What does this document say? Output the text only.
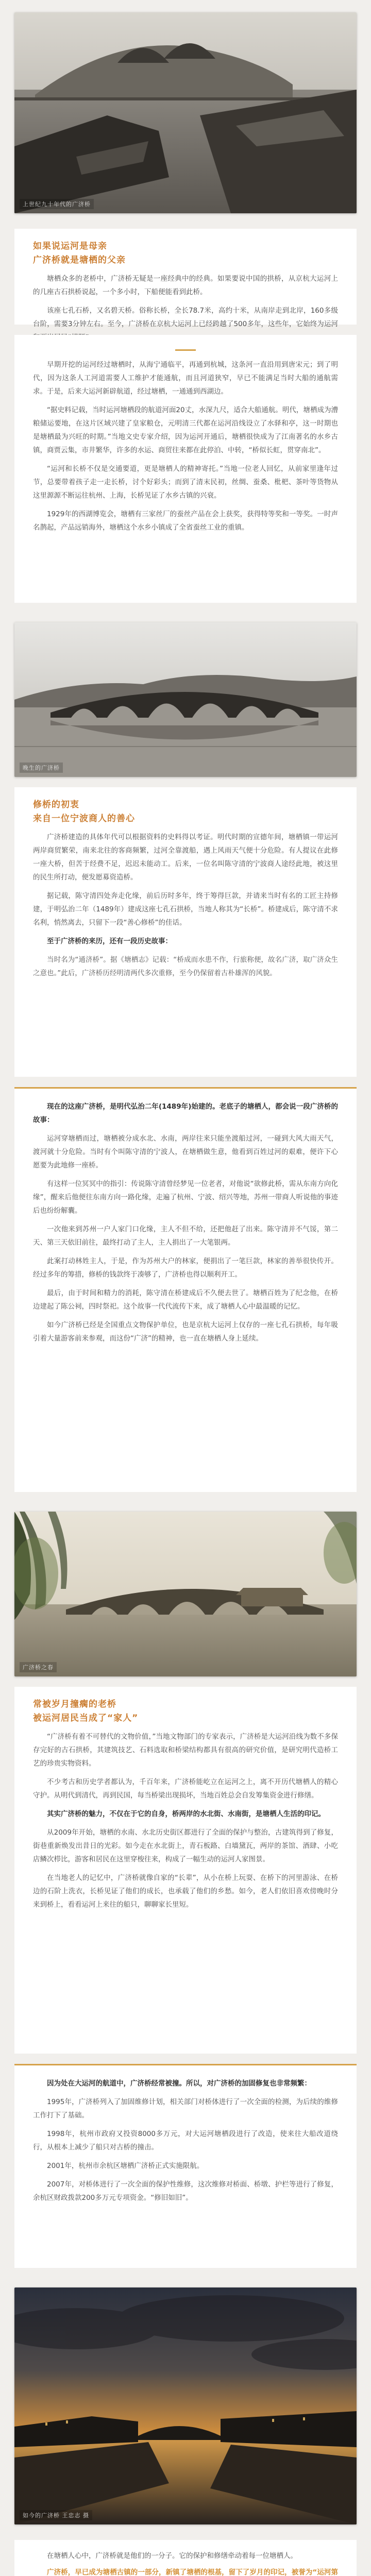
上世纪九十年代的广济桥
如果说运河是母亲
广济桥就是塘栖的父亲

塘栖众多的老桥中，广济桥无疑是一座经典中的经典。如果要说中国的拱桥，从京杭大运河上的几座古石拱桥说起，一个多小时，下船便能看到此桥。

该座七孔石桥，又名碧天桥。俗称长桥，全长78.7米，高约十米，从南岸走到北岸，160多级台阶，需要3分钟左右。至今，广济桥在京杭大运河上已经跨越了500多年，这些年，它始终为运河

早期开挖的运河经过塘栖时，从海宁通临平，再通到杭城，这条河一直沿用到唐宋元；到了明代，因为这条人工河道需要人工维护才能通航，而且河道狭窄，早已不能满足当时大船的通航需求。于是，后来大运河新辟航道，经过塘栖，一通通到西湖边。

“据史料记载，当时运河塘栖段的航道河面20丈，水深九尺，适合大船通航。明代，塘栖成为漕粮储运要地，在这片区域兴建了皇家粮仓，元明清三代都在运河沿线设立了水驿和亭，这一时期也是塘栖最为兴旺的时期。”当地文史专家介绍，因为运河开通后，塘栖很快成为了江南著名的水乡古镇，商贾云集，市井繁华，许多的水运、商贸往来都在此停泊、中转，“桥似长虹，贯穿南北”。

“运河和长桥不仅是交通要道，更是塘栖人的精神寄托。”当地一位老人回忆，从前家里逢年过节，总要带着孩子走一走长桥，讨个好彩头；而到了清末民初，丝绸、蚕桑、枇杷、茶叶等货物从这里源源不断运往杭州、上海，长桥见证了水乡古镇的兴衰。

1929年的西湖博览会，塘栖有三家丝厂的蚕丝产品在会上获奖，获得特等奖和一等奖。一时声名鹊起，产品远销海外，塘栖这个水乡小镇成了全省蚕丝工业的重镇。

晚生的广济桥
修桥的初衷
来自一位宁波商人的善心

广济桥建造的具体年代可以根据资料的史料得以考证。明代时期的宣德年间，塘栖镇一带运河两岸商贸繁荣，南来北往的客商频繁，过河全靠渡船，遇上风雨天气便十分危险。有人提议在此修一座大桥，但苦于经费不足，迟迟未能动工。后来，一位名叫陈守清的宁波商人途经此地，被这里的民生所打动，便发愿募资造桥。

据记载，陈守清四处奔走化缘，前后历时多年，终于筹得巨款，并请来当时有名的工匠主持修建，于明弘治二年（1489年）建成这座七孔石拱桥，当地人称其为“长桥”。桥建成后，陈守清不求名利，悄然离去，只留下一段“善心修桥”的佳话。

至于广济桥的来历，还有一段历史故事：

当时名为“通济桥”。据《塘栖志》记载：“桥成而水患不作，行旅称便，故名广济，取广济众生之意也。”此后，广济桥历经明清两代多次重修，至今仍保留着古朴雄浑的风貌。

现在的这座广济桥，是明代弘治二年(1489年)始建的。老底子的塘栖人，都会说一段广济桥的故事：

运河穿塘栖而过，塘栖被分成水北、水南，两岸往来只能坐渡船过河，一碰到大风大雨天气，渡河就十分危险。当时有个叫陈守清的宁波人，在塘栖做生意，他看到百姓过河的艰难，便许下心愿要为此地修一座桥。

有这样一位冥冥中的指引：传说陈守清曾经梦见一位老者，对他说“欲修此桥，需从东南方向化缘”，醒来后他便往东南方向一路化缘，走遍了杭州、宁波、绍兴等地，苏州一带商人听说他的事迹后也纷纷解囊。

一次他来到苏州一户人家门口化缘，主人不但不给，还把他赶了出来。陈守清并不气馁，第二天、第三天依旧前往，最终打动了主人，主人捐出了一大笔银两。

此案打动林姓主人，于是，作为苏州大户的林家，便捐出了一笔巨款，林家的善举很快传开。经过多年的筹措，修桥的钱款终于凑够了，广济桥也得以顺利开工。

最后，由于时间和精力的消耗，陈守清在桥建成后不久便去世了。塘栖百姓为了纪念他，在桥边建起了陈公祠，四时祭祀。这个故事一代代流传下来，成了塘栖人心中最温暖的记忆。

如今广济桥已经是全国重点文物保护单位，也是京杭大运河上仅存的一座七孔石拱桥，每年吸引着大量游客前来参观，而这份“广济”的精神，也一直在塘栖人身上延续。

广济桥之春
常被岁月撞瘸的老桥
被运河居民当成了“家人”

“广济桥有着不可替代的文物价值，”当地文物部门的专家表示，广济桥是大运河沿线为数不多保存完好的古石拱桥，其建筑技艺、石料选取和桥梁结构都具有很高的研究价值，是研究明代造桥工艺的珍贵实物资料。

不少考古和历史学者都认为，千百年来，广济桥能屹立在运河之上，离不开历代塘栖人的精心守护。从明代到清代，再到民国，每当桥梁出现损坏，当地百姓总会自发筹集资金进行修缮。

其实广济桥的魅力，不仅在于它的自身，桥两岸的水北街、水南街，是塘栖人生活的印记。

从2009年开始，塘栖的水南、水北历史街区都进行了全面的保护与整治，古建筑得到了修复，街巷重新焕发出昔日的光彩。如今走在水北街上，青石板路、白墙黛瓦，两岸的茶馆、酒肆、小吃店鳞次栉比，游客和居民在这里穿梭往来，构成了一幅生动的运河人家图景。

在当地老人的记忆中，广济桥就像自家的“长辈”，从小在桥上玩耍、在桥下的河里游泳、在桥边的石阶上洗衣，长桥见证了他们的成长，也承载了他们的乡愁。如今，老人们依旧喜欢傍晚时分来到桥上，看看运河上来往的船只，聊聊家长里短。

因为处在大运河的航道中，广济桥经常被撞。所以，对广济桥的加固修复也非常频繁：

1995年，广济桥列入了加固维修计划，相关部门对桥体进行了一次全面的检测，为后续的维修工作打下了基础。

1998年，杭州市政府又投资8000多万元，对大运河塘栖段进行了改造，使来往大船改道绕行，从根本上减少了船只对古桥的撞击。

2001年，杭州市余杭区塘栖广济桥正式实施限航。

2007年，对桥体进行了一次全面的保护性维修，这次维修对桥面、桥墩、护栏等进行了修复，余杭区财政拨款200多万元专项资金。“修旧如旧”。

如今的广济桥 王忠志 摄

在塘栖人心中，广济桥就是他们的一分子。它的保护和修缮牵动着每一位塘栖人。

广济桥，早已成为塘栖古镇的一部分，新镇了塘栖的根基，留下了岁月的印记，被誉为“运河第
